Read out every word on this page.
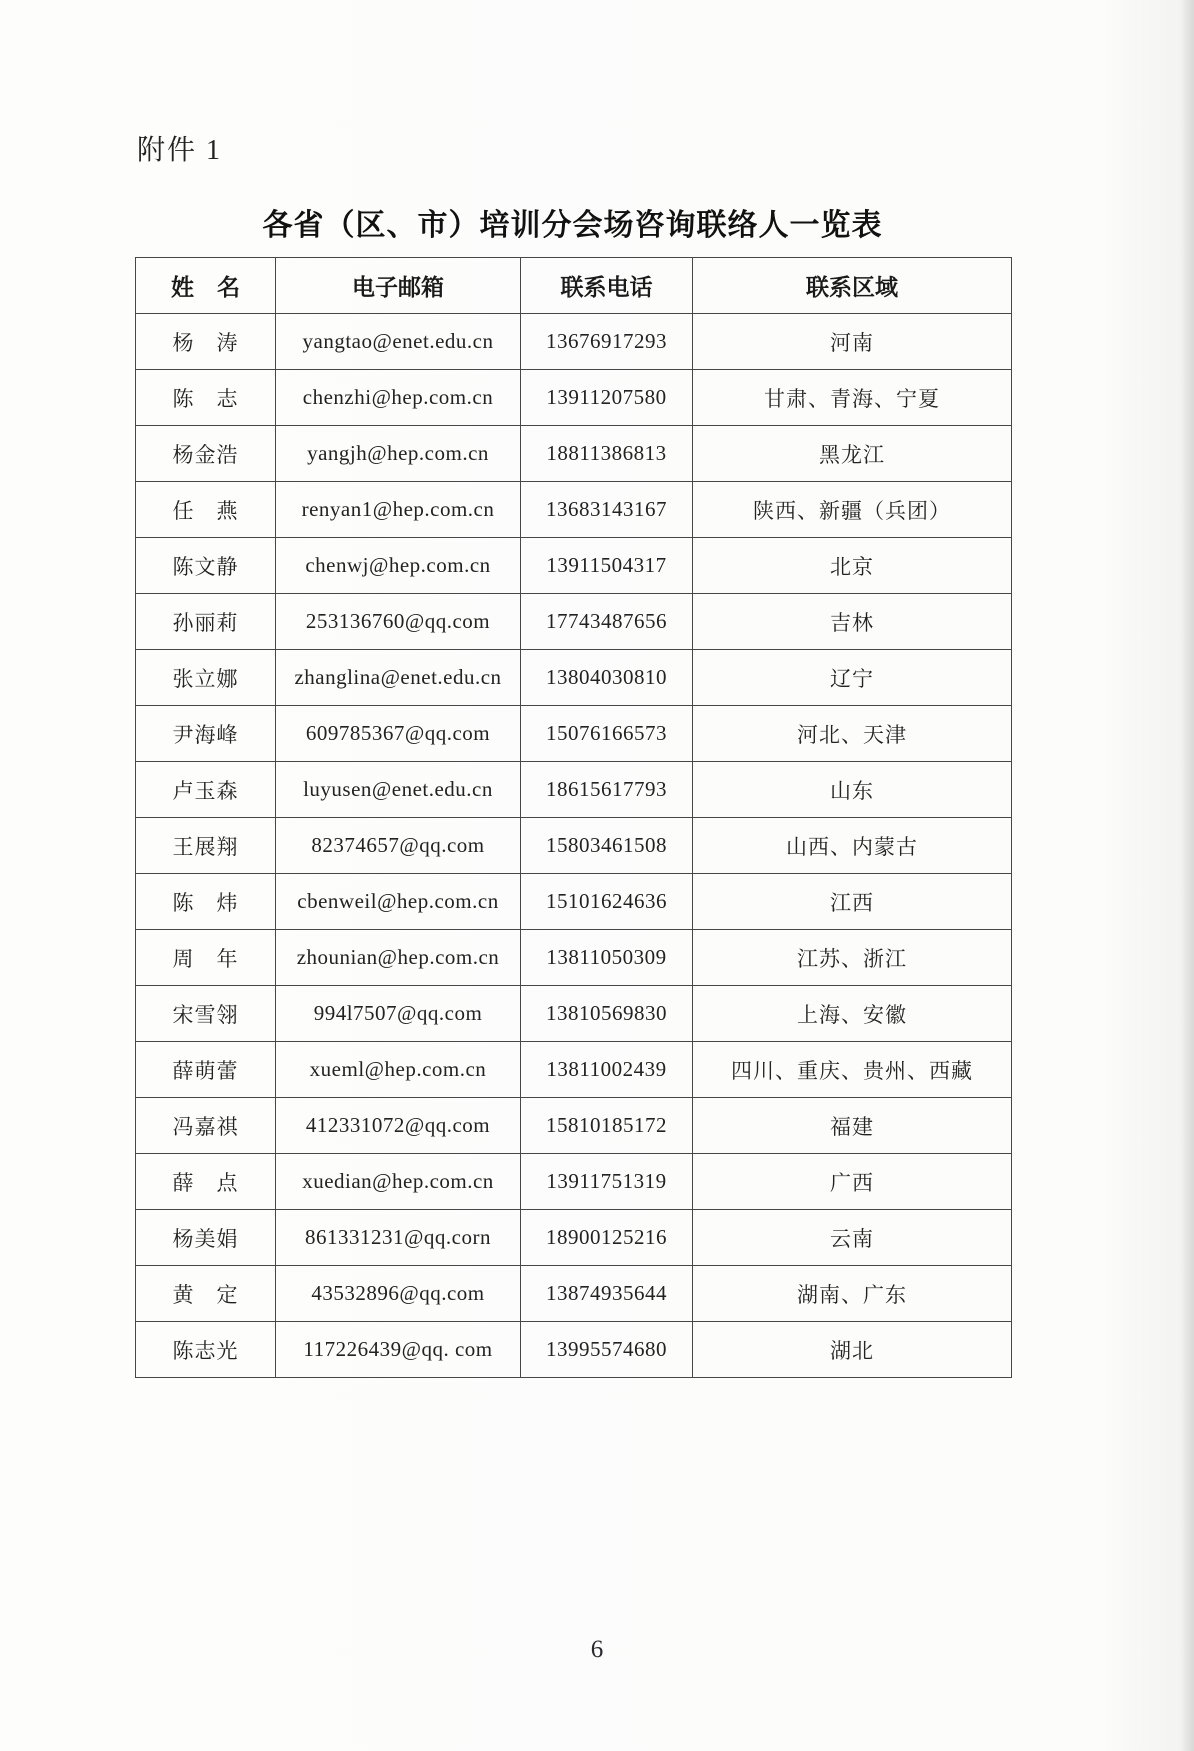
附件 1
各省（区、市）培训分会场咨询联络人一览表
姓　名	电子邮箱	联系电话	联系区域
杨　涛	yangtao@enet.edu.cn	13676917293	河南
陈　志	chenzhi@hep.com.cn	13911207580	甘肃、青海、宁夏
杨金浩	yangjh@hep.com.cn	18811386813	黑龙江
任　燕	renyan1@hep.com.cn	13683143167	陕西、新疆（兵团）
陈文静	chenwj@hep.com.cn	13911504317	北京
孙丽莉	253136760@qq.com	17743487656	吉林
张立娜	zhanglina@enet.edu.cn	13804030810	辽宁
尹海峰	609785367@qq.com	15076166573	河北、天津
卢玉森	luyusen@enet.edu.cn	18615617793	山东
王展翔	82374657@qq.com	15803461508	山西、内蒙古
陈　炜	cbenweil@hep.com.cn	15101624636	江西
周　年	zhounian@hep.com.cn	13811050309	江苏、浙江
宋雪翎	994l7507@qq.com	13810569830	上海、安徽
薛萌蕾	xueml@hep.com.cn	13811002439	四川、重庆、贵州、西藏
冯嘉祺	412331072@qq.com	15810185172	福建
薛　点	xuedian@hep.com.cn	13911751319	广西
杨美娟	861331231@qq.corn	18900125216	云南
黄　定	43532896@qq.com	13874935644	湖南、广东
陈志光	117226439@qq. com	13995574680	湖北
6
